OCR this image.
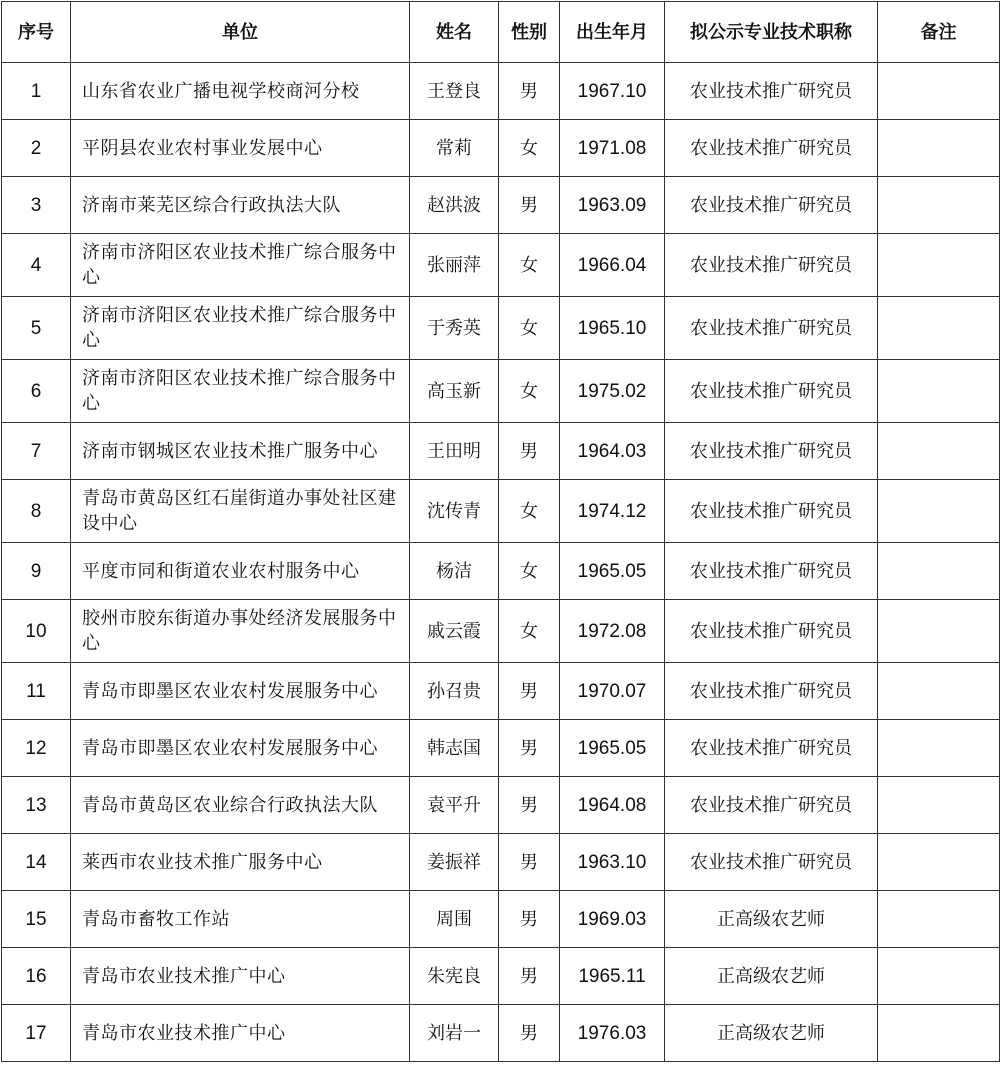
序号	单位	姓名	性别	出生年月	拟公示专业技术职称	备注
1	山东省农业广播电视学校商河分校	王登良	男	1967.10	农业技术推广研究员	
2	平阴县农业农村事业发展中心	常莉	女	1971.08	农业技术推广研究员	
3	济南市莱芜区综合行政执法大队	赵洪波	男	1963.09	农业技术推广研究员	
4	济南市济阳区农业技术推广综合服务中心	张丽萍	女	1966.04	农业技术推广研究员	
5	济南市济阳区农业技术推广综合服务中心	于秀英	女	1965.10	农业技术推广研究员	
6	济南市济阳区农业技术推广综合服务中心	高玉新	女	1975.02	农业技术推广研究员	
7	济南市钢城区农业技术推广服务中心	王田明	男	1964.03	农业技术推广研究员	
8	青岛市黄岛区红石崖街道办事处社区建设中心	沈传青	女	1974.12	农业技术推广研究员	
9	平度市同和街道农业农村服务中心	杨洁	女	1965.05	农业技术推广研究员	
10	胶州市胶东街道办事处经济发展服务中心	戚云霞	女	1972.08	农业技术推广研究员	
11	青岛市即墨区农业农村发展服务中心	孙召贵	男	1970.07	农业技术推广研究员	
12	青岛市即墨区农业农村发展服务中心	韩志国	男	1965.05	农业技术推广研究员	
13	青岛市黄岛区农业综合行政执法大队	袁平升	男	1964.08	农业技术推广研究员	
14	莱西市农业技术推广服务中心	姜振祥	男	1963.10	农业技术推广研究员	
15	青岛市畜牧工作站	周围	男	1969.03	正高级农艺师	
16	青岛市农业技术推广中心	朱宪良	男	1965.11	正高级农艺师	
17	青岛市农业技术推广中心	刘岩一	男	1976.03	正高级农艺师	
